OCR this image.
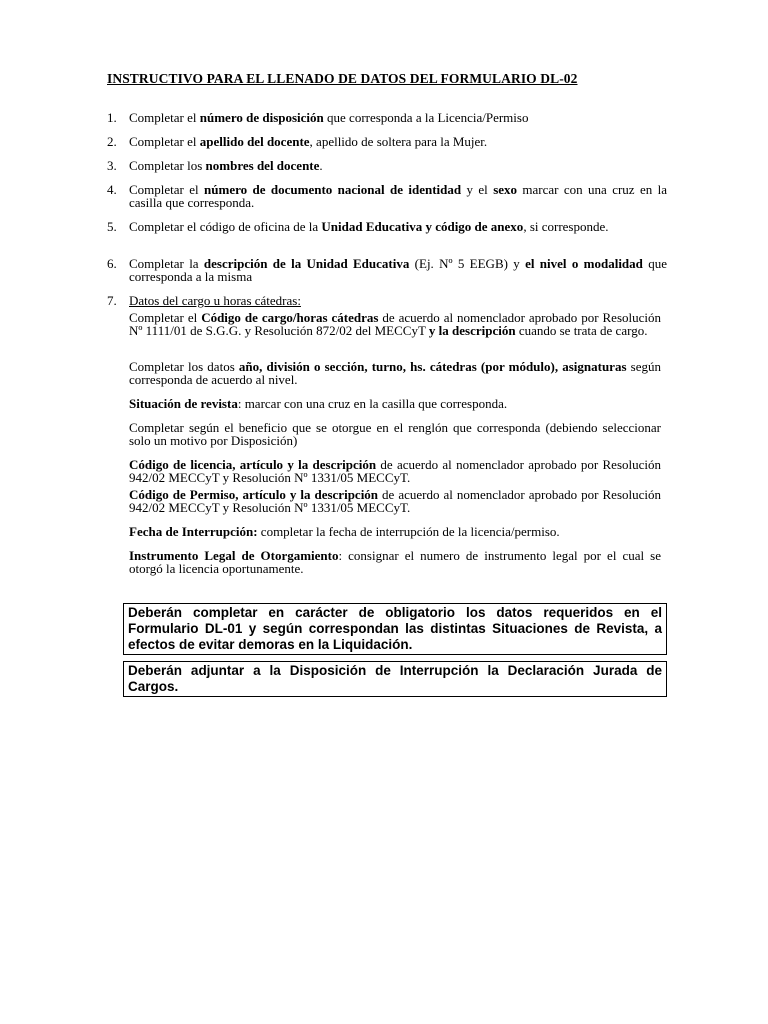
INSTRUCTIVO PARA EL LLENADO DE DATOS DEL FORMULARIO DL-02
1. Completar el número de disposición que corresponda a la Licencia/Permiso
2. Completar el apellido del docente, apellido de soltera para la Mujer.
3. Completar los nombres del docente.
4. Completar el número de documento nacional de identidad y el sexo marcar con una cruz en la casilla que corresponda.
5. Completar el código de oficina de la Unidad Educativa y código de anexo, si corresponde.
6. Completar la descripción de la Unidad Educativa (Ej. Nº 5 EEGB) y el nivel o modalidad que corresponda a la misma
7. Datos del cargo u horas cátedras:
Completar el Código de cargo/horas cátedras de acuerdo al nomenclador aprobado por Resolución Nº 1111/01 de S.G.G. y Resolución 872/02 del MECCyT y la descripción cuando se trata de cargo.
Completar los datos año, división o sección, turno, hs. cátedras (por módulo), asignaturas según corresponda de acuerdo al nivel.
Situación de revista: marcar con una cruz en la casilla que corresponda.
Completar según el beneficio que se otorgue en el renglón que corresponda (debiendo seleccionar solo un motivo por Disposición)
Código de licencia, artículo y la descripción de acuerdo al nomenclador aprobado por Resolución 942/02 MECCyT y Resolución Nº 1331/05 MECCyT.
Código de Permiso, artículo y la descripción de acuerdo al nomenclador aprobado por Resolución 942/02 MECCyT y Resolución Nº 1331/05 MECCyT.
Fecha de Interrupción: completar la fecha de interrupción de la licencia/permiso.
Instrumento Legal de Otorgamiento: consignar el numero de instrumento legal por el cual se otorgó la licencia oportunamente.
Deberán completar en carácter de obligatorio los datos requeridos en el Formulario DL-01 y según correspondan las distintas Situaciones de Revista, a efectos de evitar demoras en la Liquidación.
Deberán adjuntar a la Disposición de Interrupción la Declaración Jurada de Cargos.
